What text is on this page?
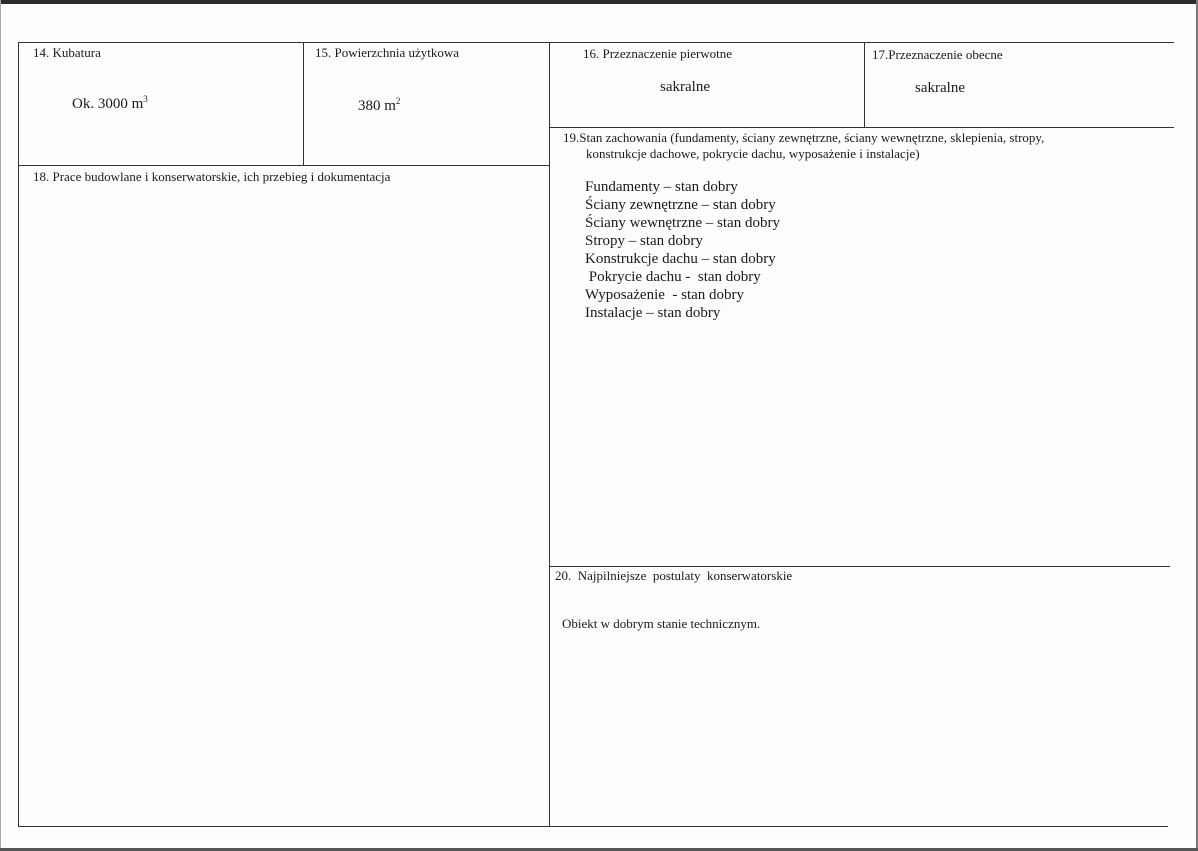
14. Kubatura
Ok. 3000 $m^3$
15. Powierzchnia użytkowa
380 $m^2$
16. Przeznaczenie pierwotne
sakralne
17.Przeznaczenie obecne
sakralne
18. Prace budowlane i konserwatorskie, ich przebieg i dokumentacja
19.Stan zachowania (fundamenty, ściany zewnętrzne, ściany wewnętrzne, sklepienia, stropy,
konstrukcje dachowe, pokrycie dachu, wyposażenie i instalacje)
Fundamenty – stan dobry
Ściany zewnętrzne – stan dobry
Ściany wewnętrzne – stan dobry
Stropy – stan dobry
Konstrukcje dachu – stan dobry
Pokrycie dachu -  stan dobry
Wyposażenie  - stan dobry
Instalacje – stan dobry
20.  Najpilniejsze  postulaty  konserwatorskie
Obiekt w dobrym stanie technicznym.
